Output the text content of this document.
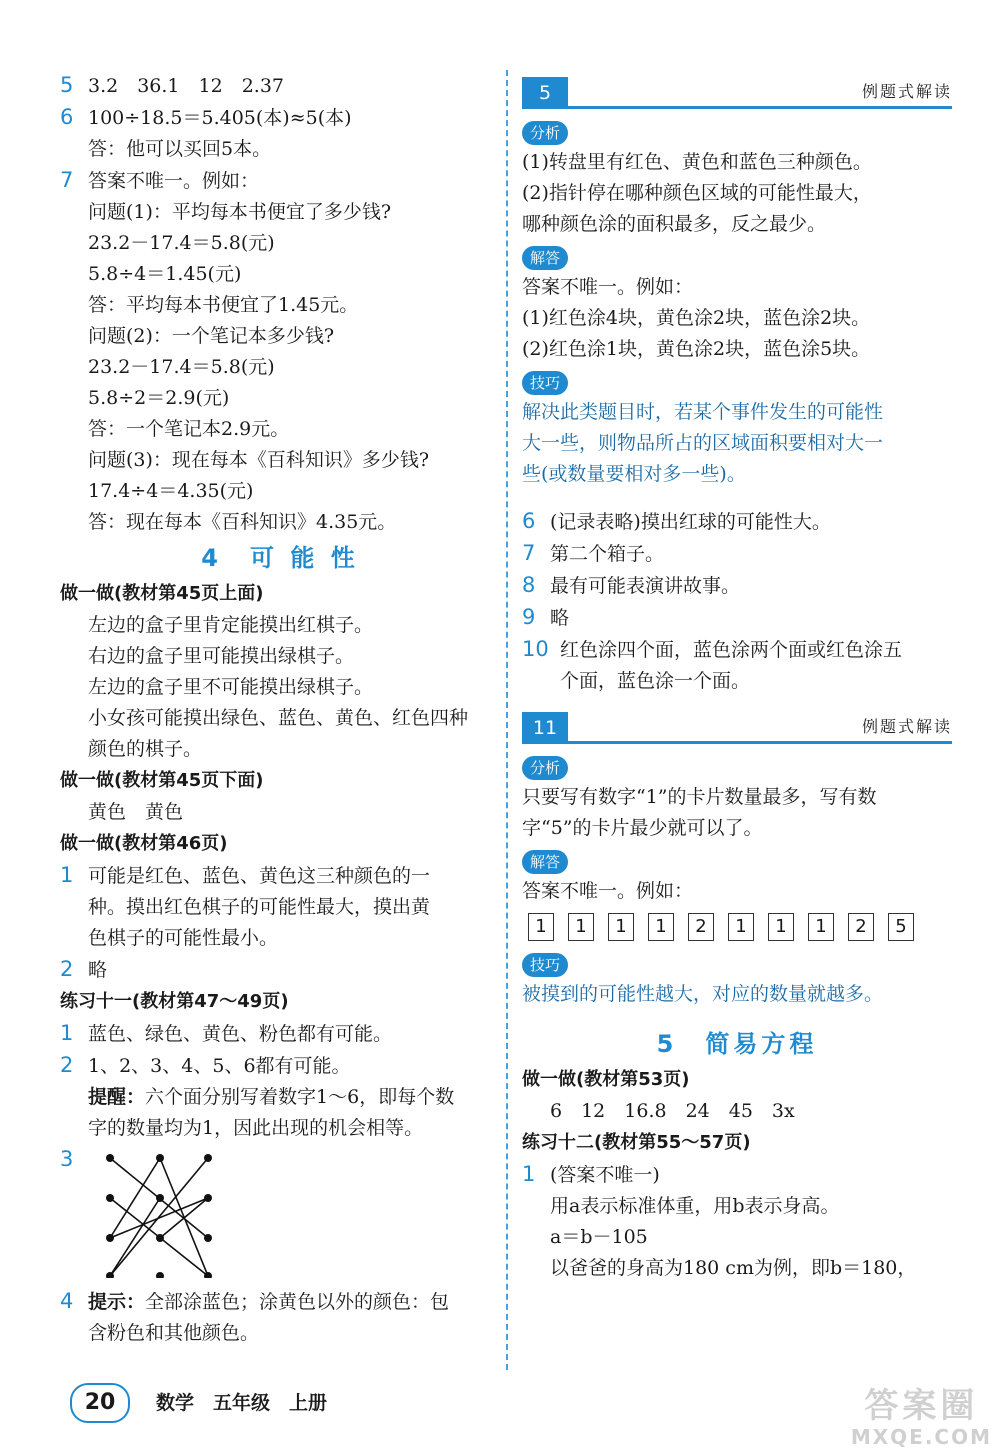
5 3.2　36.1　12　2.37
6 100÷18.5＝5.405(本)≈5(本)
答：他可以买回5本。
7 答案不唯一。例如：
问题(1)：平均每本书便宜了多少钱?
23.2－17.4＝5.8(元)
5.8÷4＝1.45(元)
答：平均每本书便宜了1.45元。
问题(2)：一个笔记本多少钱?
23.2－17.4＝5.8(元)
5.8÷2＝2.9(元)
答：一个笔记本2.9元。
问题(3)：现在每本《百科知识》多少钱?
17.4÷4＝4.35(元)
答：现在每本《百科知识》4.35元。
4　可 能 性
做一做(教材第45页上面)
左边的盒子里肯定能摸出红棋子。
右边的盒子里可能摸出绿棋子。
左边的盒子里不可能摸出绿棋子。
小女孩可能摸出绿色、蓝色、黄色、红色四种
颜色的棋子。
做一做(教材第45页下面)
黄色　黄色
做一做(教材第46页)
1 可能是红色、蓝色、黄色这三种颜色的一
种。摸出红色棋子的可能性最大，摸出黄
色棋子的可能性最小。
2 略
练习十一(教材第47～49页)
1 蓝色、绿色、黄色、粉色都有可能。
2 1、2、3、4、5、6都有可能。
提醒：六个面分别写着数字1～6，即每个数
字的数量均为1，因此出现的机会相等。
3
4 提示：全部涂蓝色；涂黄色以外的颜色：包
含粉色和其他颜色。
5	例题式解读
分析
(1)转盘里有红色、黄色和蓝色三种颜色。
(2)指针停在哪种颜色区域的可能性最大，
哪种颜色涂的面积最多，反之最少。
解答
答案不唯一。例如：
(1)红色涂4块，黄色涂2块，蓝色涂2块。
(2)红色涂1块，黄色涂2块，蓝色涂5块。
技巧
解决此类题目时，若某个事件发生的可能性
大一些，则物品所占的区域面积要相对大一
些(或数量要相对多一些)。
6 (记录表略)摸出红球的可能性大。
7 第二个箱子。
8 最有可能表演讲故事。
9 略
10 红色涂四个面，蓝色涂两个面或红色涂五
个面，蓝色涂一个面。
11	例题式解读
分析
只要写有数字“1”的卡片数量最多，写有数
字“5”的卡片最少就可以了。
解答
答案不唯一。例如：
1 1 1 1 2 1 1 1 2 5
技巧
被摸到的可能性越大，对应的数量就越多。
5　简易方程
做一做(教材第53页)
6　12　16.8　24　45　3x
练习十二(教材第55～57页)
1 (答案不唯一)
用a表示标准体重，用b表示身高。
a＝b－105
以爸爸的身高为180 cm为例，即b＝180，
20	数学　五年级　上册	答案圈
MXQE.COM
